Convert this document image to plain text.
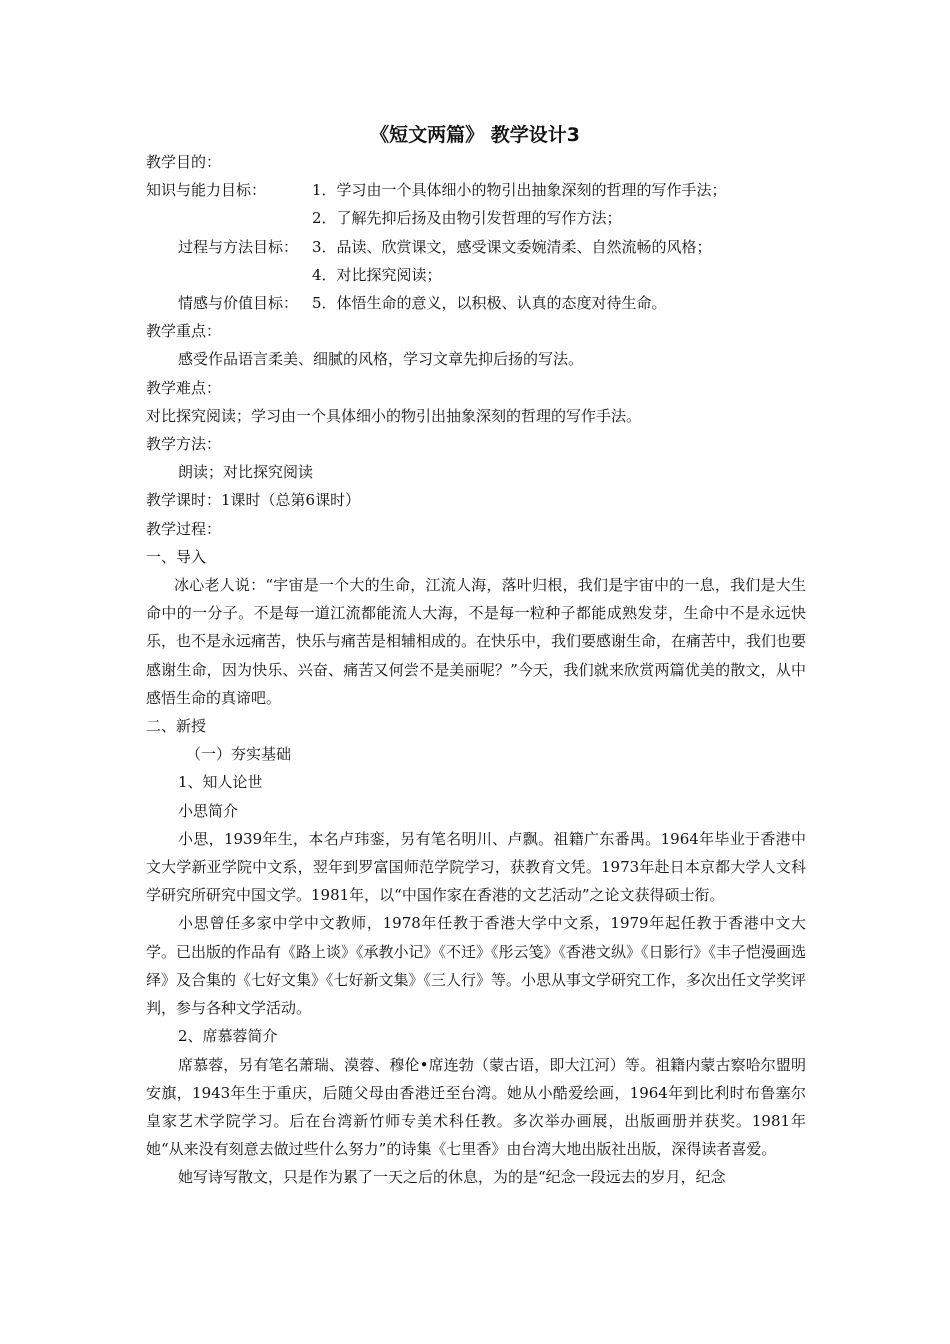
《短文两篇》 教学设计3
教学目的：
知识与能力目标：	1．学习由一个具体细小的物引出抽象深刻的哲理的写作手法；
2．了解先抑后扬及由物引发哲理的写作方法；
过程与方法目标： 3．品读、欣赏课文，感受课文委婉清柔、自然流畅的风格；
4．对比探究阅读；
情感与价值目标： 5．体悟生命的意义，以积极、认真的态度对待生命。
教学重点：
感受作品语言柔美、细腻的风格，学习文章先抑后扬的写法。
教学难点：
对比探究阅读；学习由一个具体细小的物引出抽象深刻的哲理的写作手法。
教学方法：
朗读；对比探究阅读
教学课时：1课时（总第6课时）
教学过程：
一、导入
冰心老人说：“宇宙是一个大的生命，江流人海，落叶归根，我们是宇宙中的一息，我们是大生命中的一分子。不是每一道江流都能流人大海，不是每一粒种子都能成熟发芽，生命中不是永远快乐，也不是永远痛苦，快乐与痛苦是相辅相成的。在快乐中，我们要感谢生命，在痛苦中，我们也要感谢生命，因为快乐、兴奋、痛苦又何尝不是美丽呢？”今天，我们就来欣赏两篇优美的散文，从中感悟生命的真谛吧。
二、新授
（一）夯实基础
1、知人论世
小思简介
小思，1939年生，本名卢玮銮，另有笔名明川、卢飘。祖籍广东番禺。1964年毕业于香港中文大学新亚学院中文系，翌年到罗富国师范学院学习，获教育文凭。1973年赴日本京都大学人文科学研究所研究中国文学。1981年，以“中国作家在香港的文艺活动”之论文获得硕士衔。
小思曾任多家中学中文教师，1978年任教于香港大学中文系，1979年起任教于香港中文大学。已出版的作品有《路上谈》《承教小记》《不迁》《彤云笺》《香港文纵》《日影行》《丰子恺漫画选绎》及合集的《七好文集》《七好新文集》《三人行》等。小思从事文学研究工作，多次出任文学奖评判，参与各种文学活动。
2、席慕蓉简介
席慕蓉，另有笔名萧瑞、漠蓉、穆伦•席连勃（蒙古语，即大江河）等。祖籍内蒙古察哈尔盟明安旗，1943年生于重庆，后随父母由香港迁至台湾。她从小酷爱绘画，1964年到比利时布鲁塞尔皇家艺术学院学习。后在台湾新竹师专美术科任教。多次举办画展，出版画册并获奖。1981年她“从来没有刻意去做过些什么努力”的诗集《七里香》由台湾大地出版社出版，深得读者喜爱。
她写诗写散文，只是作为累了一天之后的休息，为的是“纪念一段远去的岁月，纪念
